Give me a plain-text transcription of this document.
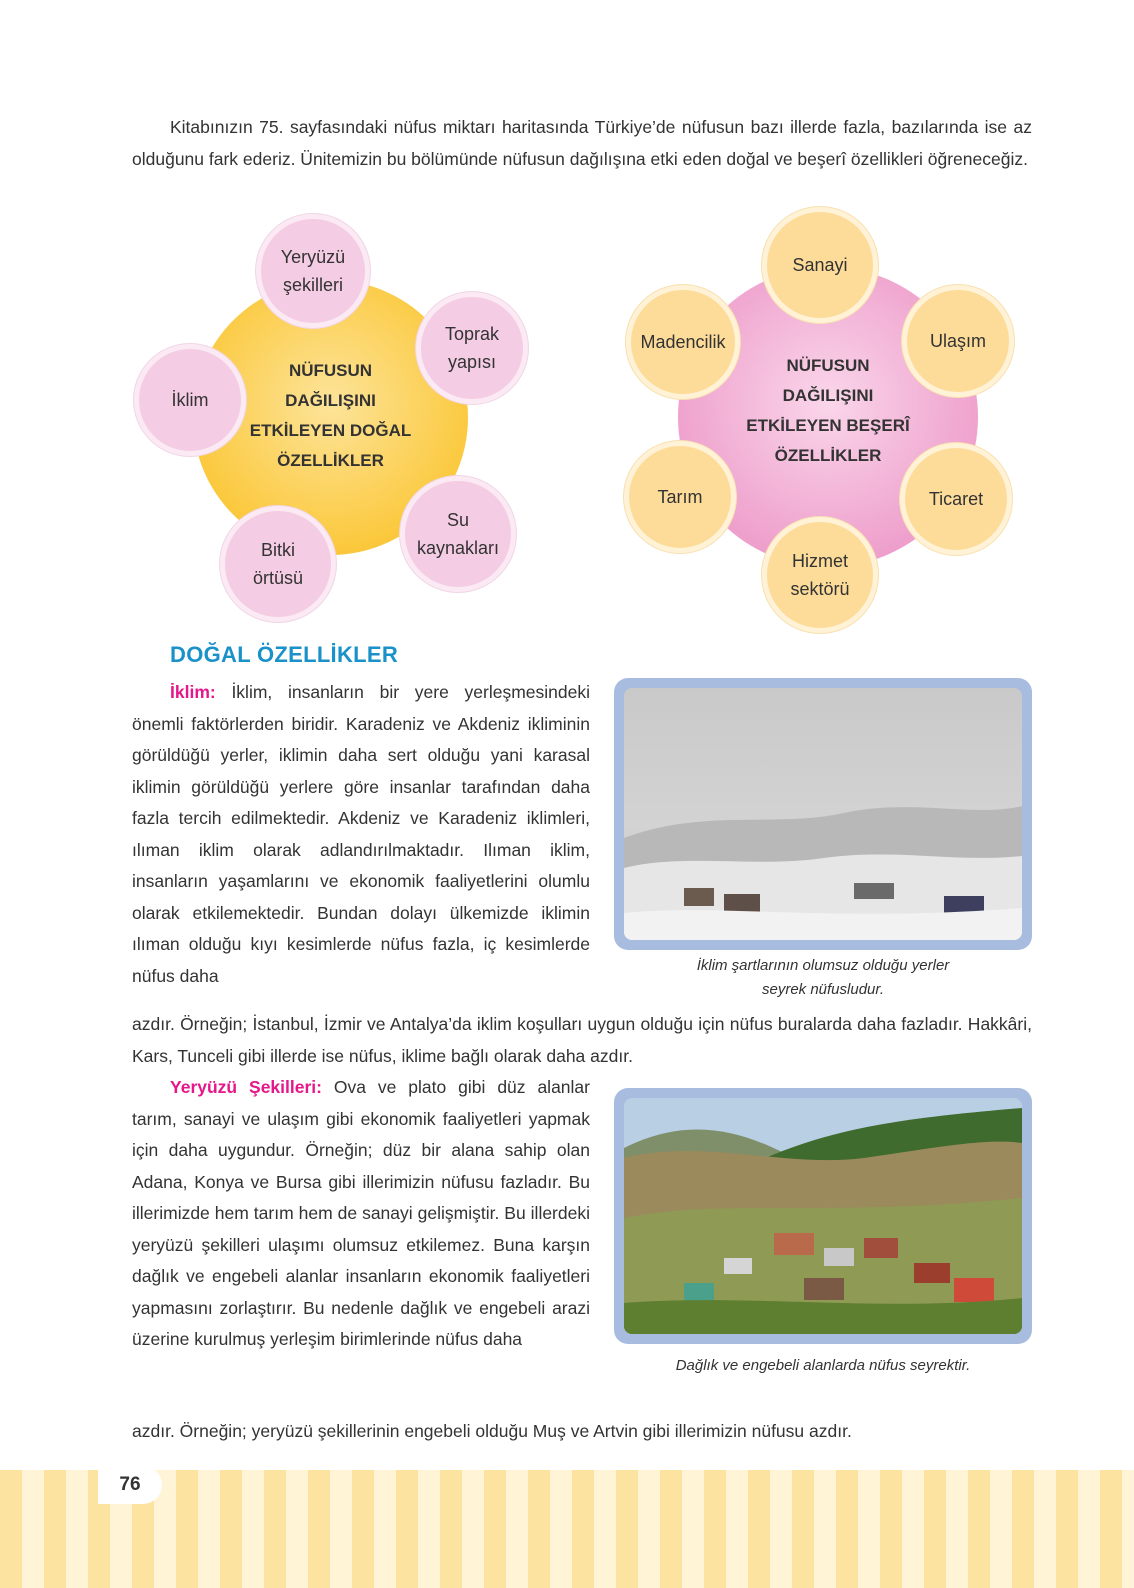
Kitabınızın 75. sayfasındaki nüfus miktarı haritasında Türkiye’de nüfusun bazı illerde fazla, bazılarında ise az olduğunu fark ederiz. Ünitemizin bu bölümünde nüfusun dağılışına etki eden doğal ve beşerî özellikleri öğreneceğiz.

NÜFUSUN
DAĞILIŞINI
ETKİLEYEN DOĞAL
ÖZELLİKLER
Yeryüzü
şekilleri
Toprak
yapısı
Su
kaynakları
Bitki
örtüsü
İklim
NÜFUSUN
DAĞILIŞINI
ETKİLEYEN BEŞERÎ
ÖZELLİKLER
Sanayi
Ulaşım
Ticaret
Hizmet
sektörü
Tarım
Madencilik
DOĞAL ÖZELLİKLER

İklim: İklim, insanların bir yere yerleşmesindeki önemli faktörlerden biridir. Karadeniz ve Akdeniz ikliminin görüldüğü yerler, iklimin daha sert olduğu yani karasal iklimin görüldüğü yerlere göre insanlar tarafından daha fazla tercih edilmektedir. Akdeniz ve Karadeniz iklimleri, ılıman iklim olarak adlandırılmaktadır. Ilıman iklim, insanların yaşamlarını ve ekonomik faaliyetlerini olumlu olarak etkilemektedir. Bundan dolayı ülkemizde iklimin ılıman olduğu kıyı kesimlerde nüfus fazla, iç kesimlerde nüfus daha	İklim şartlarının olumsuz olduğu yerler
seyrek nüfusludur.

azdır. Örneğin; İstanbul, İzmir ve Antalya’da iklim koşulları uygun olduğu için nüfus buralarda daha fazladır. Hakkâri, Kars, Tunceli gibi illerde ise nüfus, iklime bağlı olarak daha azdır.

Yeryüzü Şekilleri: Ova ve plato gibi düz alanlar tarım, sanayi ve ulaşım gibi ekonomik faaliyetleri yapmak için daha uygundur. Örneğin; düz bir alana sahip olan Adana, Konya ve Bursa gibi illerimizin nüfusu fazladır. Bu illerimizde hem tarım hem de sanayi gelişmiştir. Bu illerdeki yeryüzü şekilleri ulaşımı olumsuz etkilemez. Buna karşın dağlık ve engebeli alanlar insanların ekonomik faaliyetleri yapmasını zorlaştırır. Bu nedenle dağlık ve engebeli arazi üzerine kurulmuş yerleşim birimlerinde nüfus daha

Dağlık ve engebeli alanlarda nüfus seyrektir.

azdır. Örneğin; yeryüzü şekillerinin engebeli olduğu Muş ve Artvin gibi illerimizin nüfusu azdır.

76
